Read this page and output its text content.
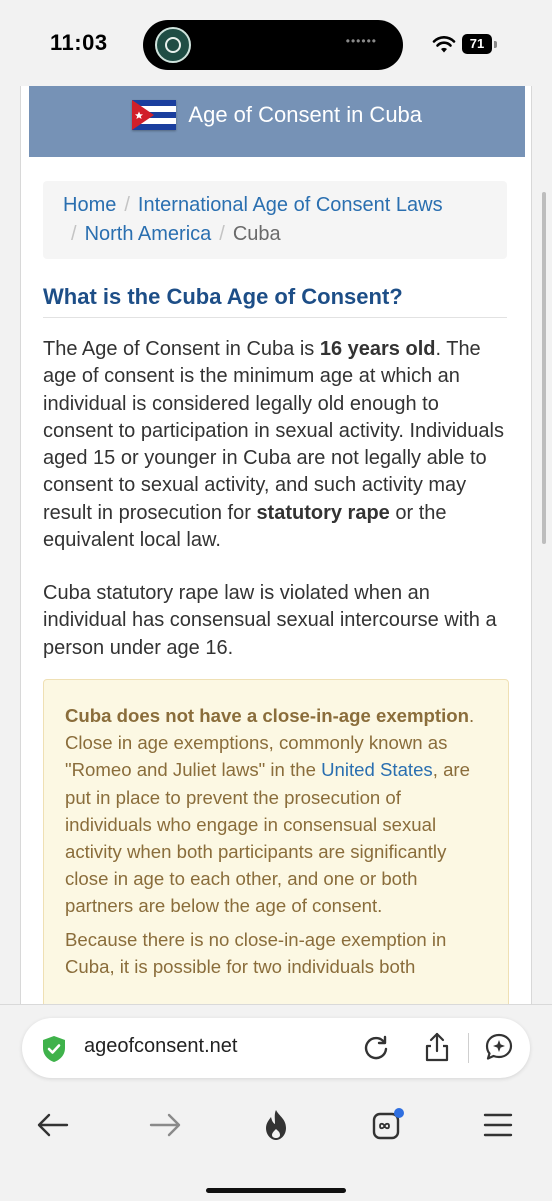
11:03	••••••	71
Age of Consent in Cuba
Home / International Age of Consent Laws
/ North America / Cuba
What is the Cuba Age of Consent?

The Age of Consent in Cuba is 16 years old. The age of consent is the minimum age at which an individual is considered legally old enough to consent to participation in sexual activity. Individuals aged 15 or younger in Cuba are not legally able to consent to sexual activity, and such activity may result in prosecution for statutory rape or the equivalent local law.

Cuba statutory rape law is violated when an individual has consensual sexual intercourse with a person under age 16.

Cuba does not have a close-in-age exemption. Close in age exemptions, commonly known as "Romeo and Juliet laws" in the United States, are put in place to prevent the prosecution of individuals who engage in consensual sexual activity when both participants are significantly close in age to each other, and one or both partners are below the age of consent.

Because there is no close-in-age exemption in Cuba, it is possible for two individuals both

ageofconsent.net
